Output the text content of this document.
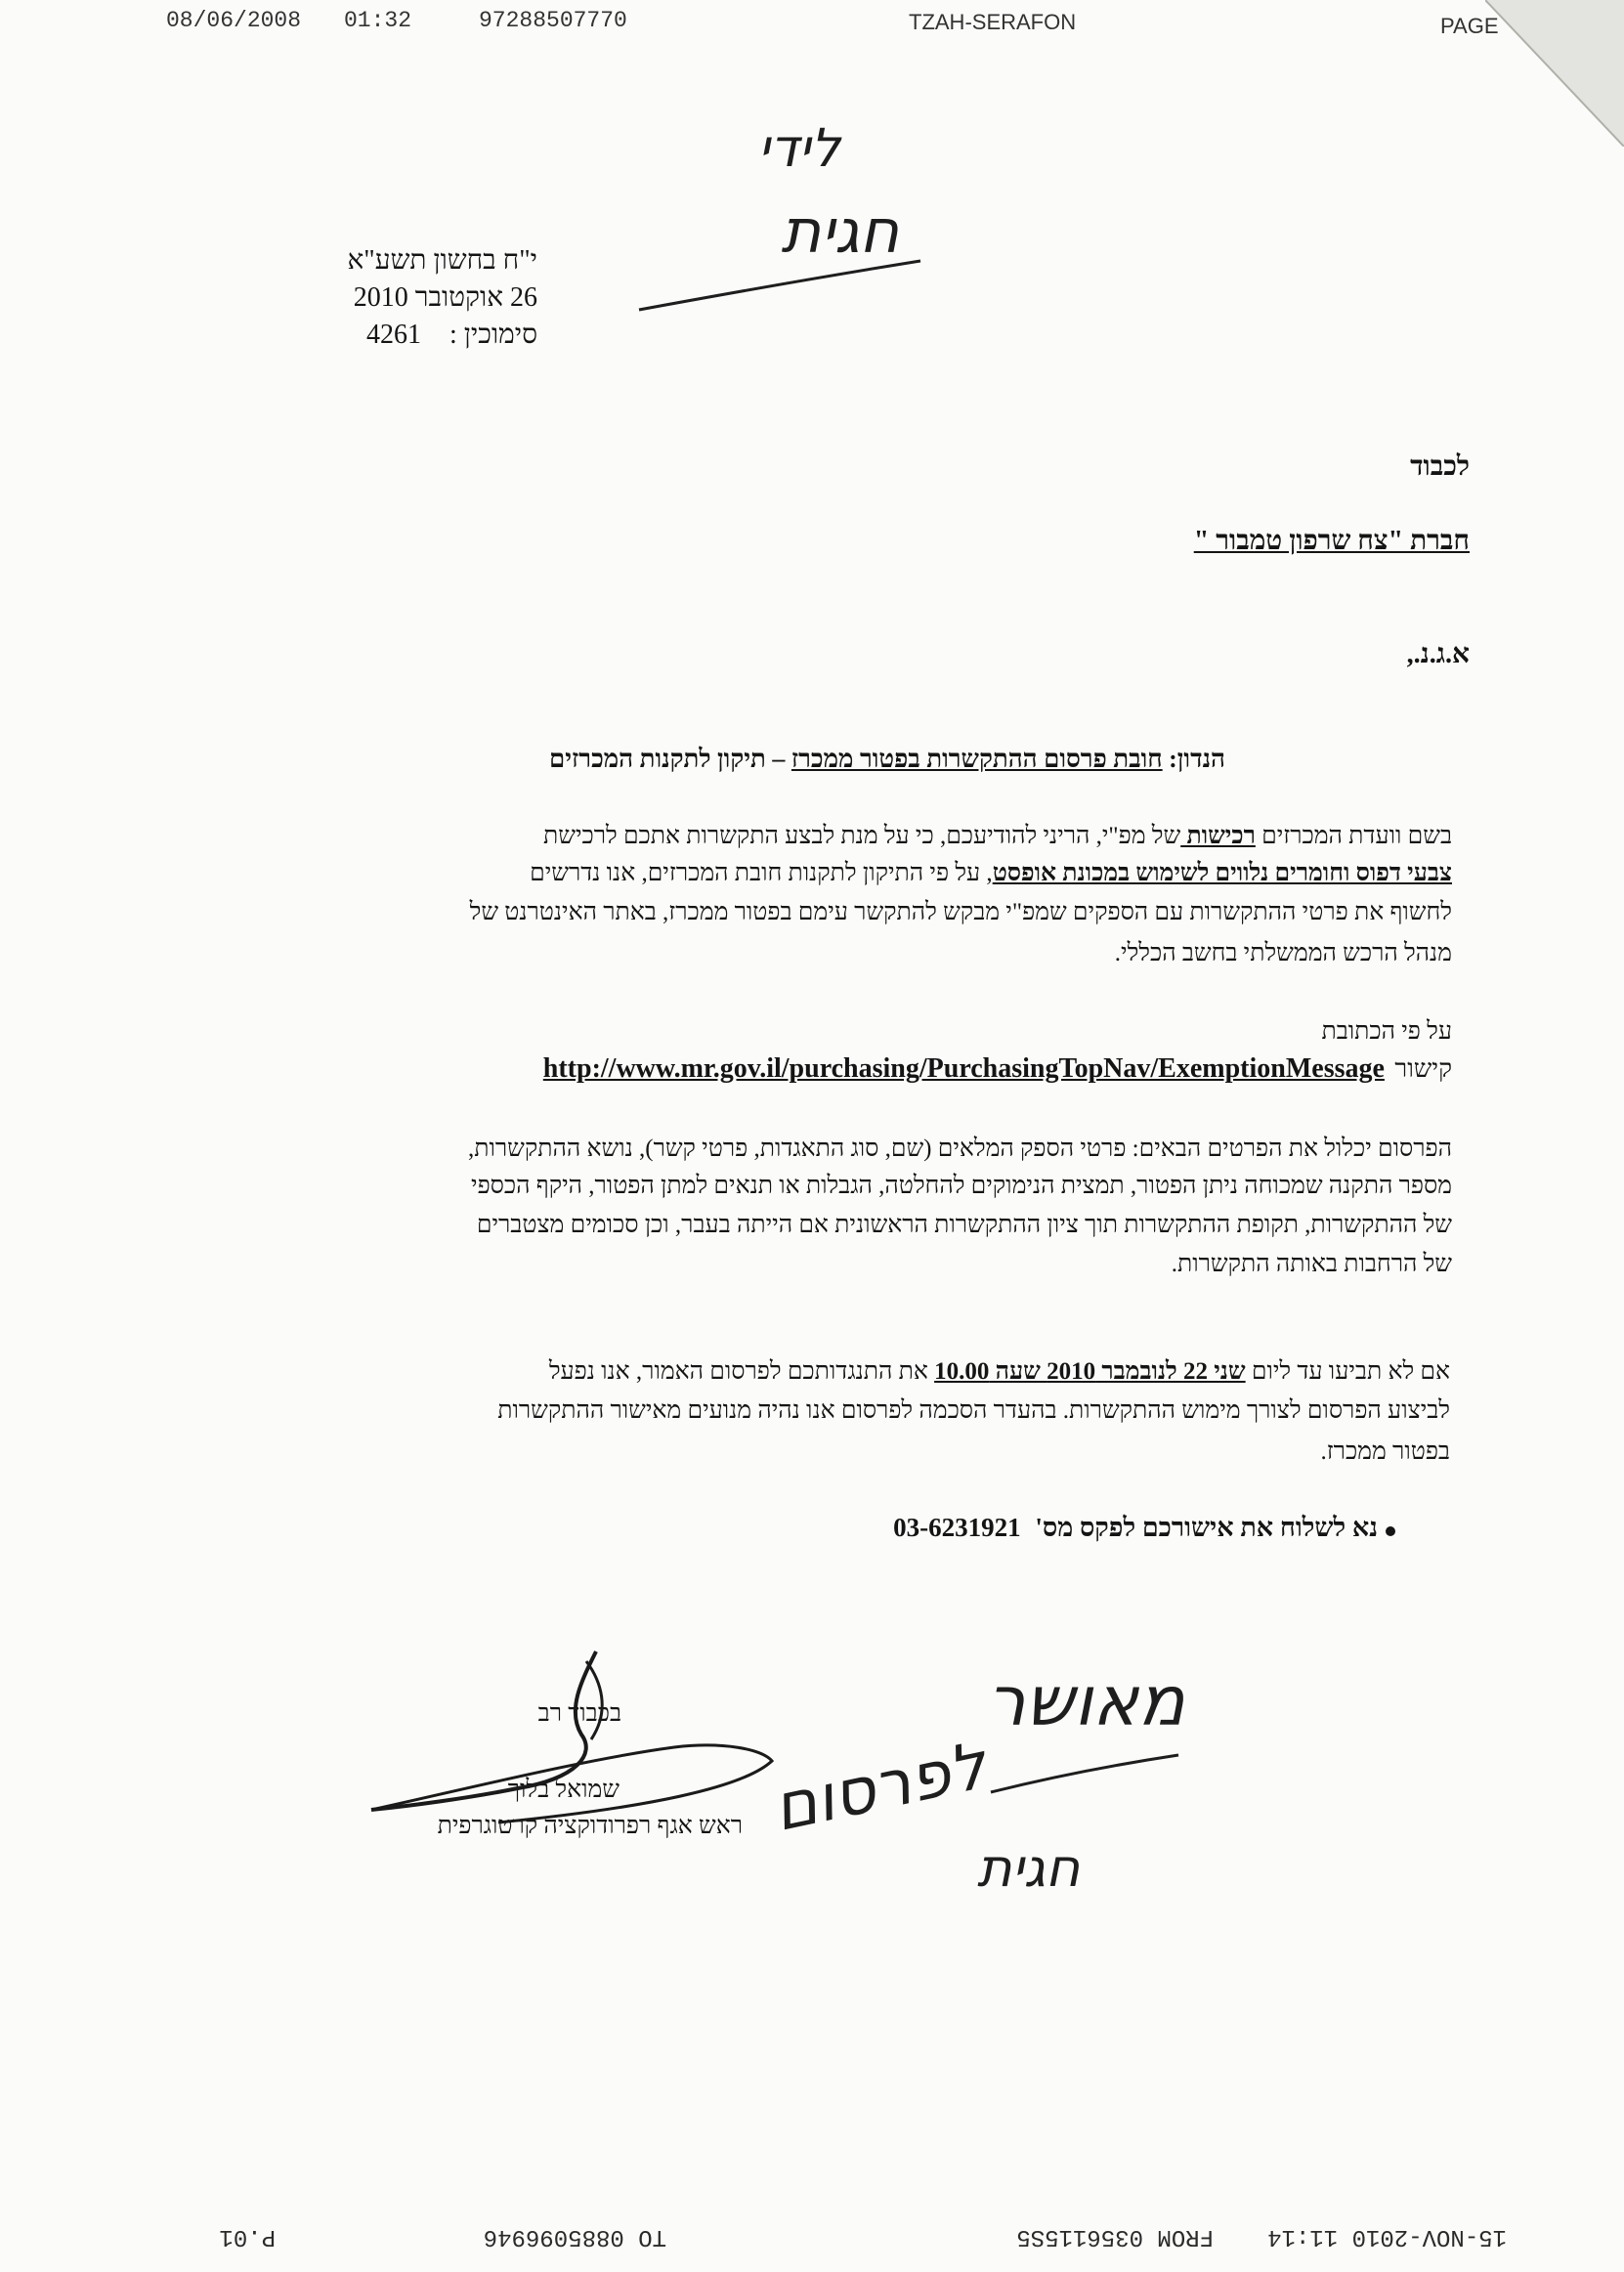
08/06/2008 01:32	97288507770	TZAH-SERAFON	PAGE
לידי
חגית
י"ח בחשון תשע"א
26 אוקטובר 2010
סימוכין : 4261
לכבוד
חברת "צח שרפון טמבור "
א.ג.נ.,
הנדון: חובת פרסום ההתקשרות בפטור ממכרז – תיקון לתקנות המכרזים
בשם וועדת המכרזים רכישות של מפ"י, הריני להודיעכם, כי על מנת לבצע התקשרות אתכם לרכישת
צבעי דפוס וחומרים נלווים לשימוש במכונת אופסט, על פי התיקון לתקנות חובת המכרזים, אנו נדרשים
לחשוף את פרטי ההתקשרות עם הספקים שמפ"י מבקש להתקשר עימם בפטור ממכרז, באתר האינטרנט של
מנהל הרכש הממשלתי בחשב הכללי.
על פי הכתובת
קישור http://www.mr.gov.il/purchasing/PurchasingTopNav/ExemptionMessage
הפרסום יכלול את הפרטים הבאים: פרטי הספק המלאים (שם, סוג התאגדות, פרטי קשר), נושא ההתקשרות,
מספר התקנה שמכוחה ניתן הפטור, תמצית הנימוקים להחלטה, הגבלות או תנאים למתן הפטור, היקף הכספי
של ההתקשרות, תקופת ההתקשרות תוך ציון ההתקשרות הראשונית אם הייתה בעבר, וכן סכומים מצטברים
של הרחבות באותה התקשרות.
אם לא תביעו עד ליום שני 22 לנובמבר 2010 שעה 10.00 את התנגדותכם לפרסום האמור, אנו נפעל
לביצוע הפרסום לצורך מימוש ההתקשרות. בהעדר הסכמה לפרסום אנו נהיה מנועים מאישור ההתקשרות
בפטור ממכרז.
נא לשלוח את אישורכם לפקס מס' 03-6231921
בכבוד רב
שמואל בלוך
ראש אגף רפרודוקציה קרטוגרפית
מאושר
לפרסום
חגית
15-NOV-2010 11:14
FROM 0356115S5
TO 0885096946
P.01
